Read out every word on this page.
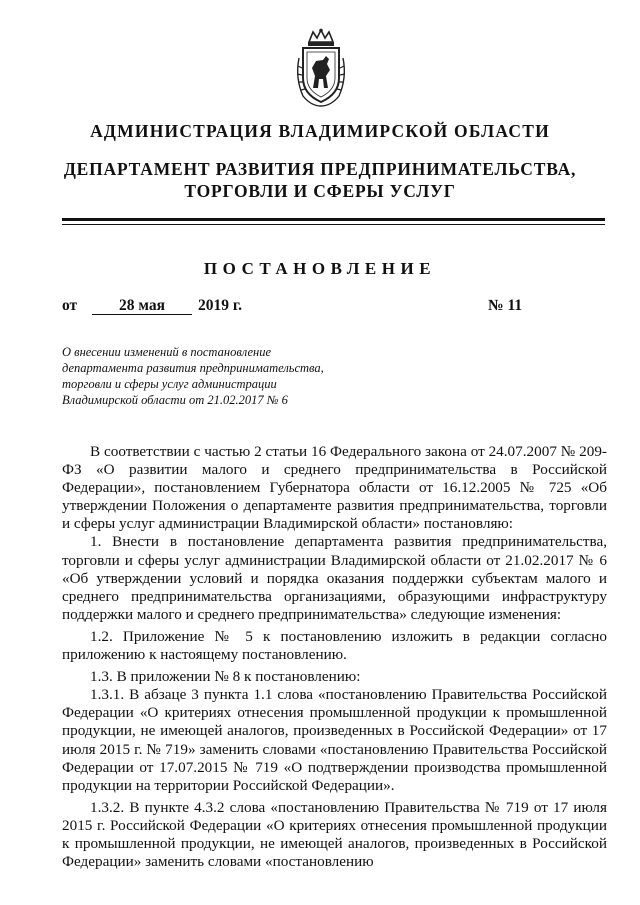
АДМИНИСТРАЦИЯ ВЛАДИМИРСКОЙ ОБЛАСТИ
ДЕПАРТАМЕНТ РАЗВИТИЯ ПРЕДПРИНИМАТЕЛЬСТВА,
ТОРГОВЛИ И СФЕРЫ УСЛУГ
ПОСТАНОВЛЕНИЕ
от	28 мая	2019 г.	№ 11
О внесении изменений в постановление
департамента развития предпринимательства,
торговли и сферы услуг администрации
Владимирской области от 21.02.2017 № 6

В соответствии с частью 2 статьи 16 Федерального закона от 24.07.2007 № 209-ФЗ «О развитии малого и среднего предпринимательства в Российской Федерации», постановлением Губернатора области от 16.12.2005 № 725 «Об утверждении Положения о департаменте развития предпринимательства, торговли и сферы услуг администрации Владимирской области» постановляю:

1. Внести в постановление департамента развития предпринимательства, торговли и сферы услуг администрации Владимирской области от 21.02.2017 № 6 «Об утверждении условий и порядка оказания поддержки субъектам малого и среднего предпринимательства организациями, образующими инфраструктуру поддержки малого и среднего предпринимательства» следующие изменения:

1.2. Приложение № 5 к постановлению изложить в редакции согласно приложению к настоящему постановлению.

1.3. В приложении № 8 к постановлению:

1.3.1. В абзаце 3 пункта 1.1 слова «постановлению Правительства Российской Федерации «О критериях отнесения промышленной продукции к промышленной продукции, не имеющей аналогов, произведенных в Российской Федерации» от 17 июля 2015 г. № 719» заменить словами «постановлению Правительства Российской Федерации от 17.07.2015 № 719 «О подтверждении производства промышленной продукции на территории Российской Федерации».

1.3.2. В пункте 4.3.2 слова «постановлению Правительства № 719 от 17 июля 2015 г. Российской Федерации «О критериях отнесения промышленной продукции к промышленной продукции, не имеющей аналогов, произведенных в Российской Федерации» заменить словами «постановлению
